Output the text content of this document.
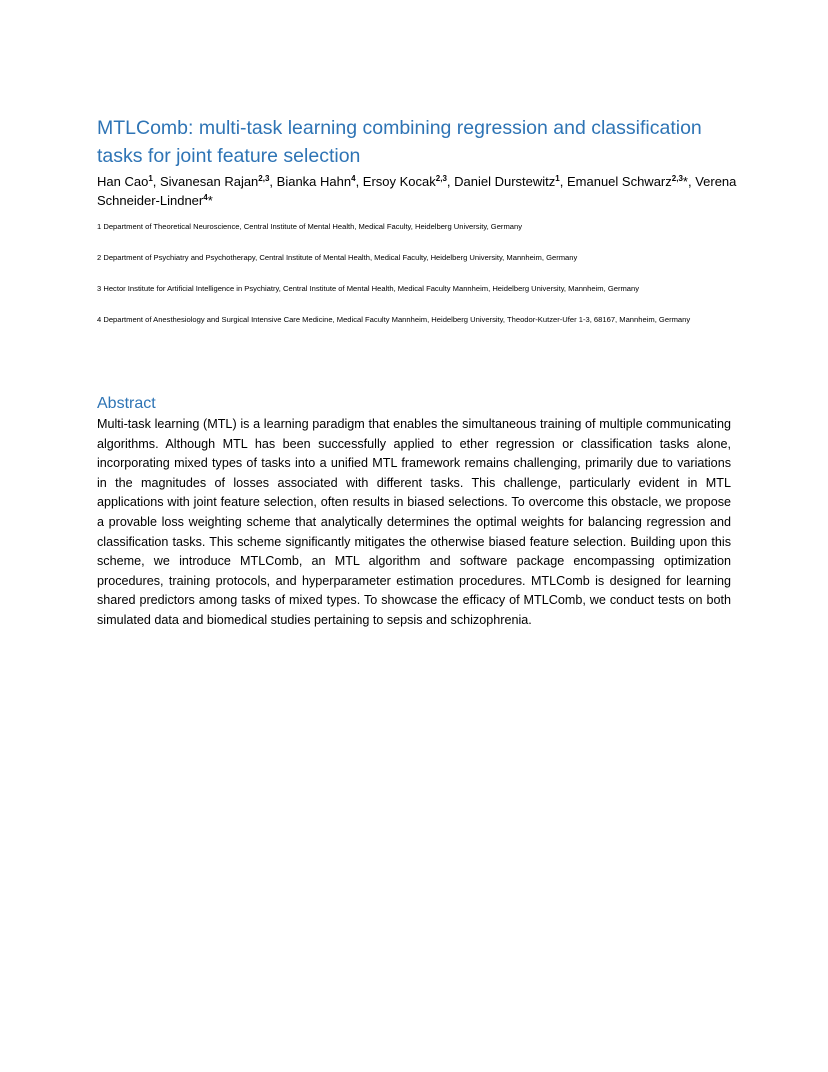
MTLComb: multi-task learning combining regression and classification tasks for joint feature selection

Han Cao$^1$, Sivanesan Rajan$^{2,3}$, Bianka Hahn$^4$, Ersoy Kocak$^{2,3}$, Daniel Durstewitz$^1$, Emanuel Schwarz$^{2,3}$*, Verena Schneider-Lindner$^4$*

1 Department of Theoretical Neuroscience, Central Institute of Mental Health, Medical Faculty, Heidelberg University, Germany

2 Department of Psychiatry and Psychotherapy, Central Institute of Mental Health, Medical Faculty, Heidelberg University, Mannheim, Germany

3 Hector Institute for Artificial Intelligence in Psychiatry, Central Institute of Mental Health, Medical Faculty Mannheim, Heidelberg University, Mannheim, Germany

4 Department of Anesthesiology and Surgical Intensive Care Medicine, Medical Faculty Mannheim, Heidelberg University, Theodor-Kutzer-Ufer 1-3, 68167, Mannheim, Germany

Abstract

Multi-task learning (MTL) is a learning paradigm that enables the simultaneous training of multiple communicating algorithms. Although MTL has been successfully applied to ether regression or classification tasks alone, incorporating mixed types of tasks into a unified MTL framework remains challenging, primarily due to variations in the magnitudes of losses associated with different tasks. This challenge, particularly evident in MTL applications with joint feature selection, often results in biased selections. To overcome this obstacle, we propose a provable loss weighting scheme that analytically determines the optimal weights for balancing regression and classification tasks. This scheme significantly mitigates the otherwise biased feature selection. Building upon this scheme, we introduce MTLComb, an MTL algorithm and software package encompassing optimization procedures, training protocols, and hyperparameter estimation procedures. MTLComb is designed for learning shared predictors among tasks of mixed types. To showcase the efficacy of MTLComb, we conduct tests on both simulated data and biomedical studies pertaining to sepsis and schizophrenia.
